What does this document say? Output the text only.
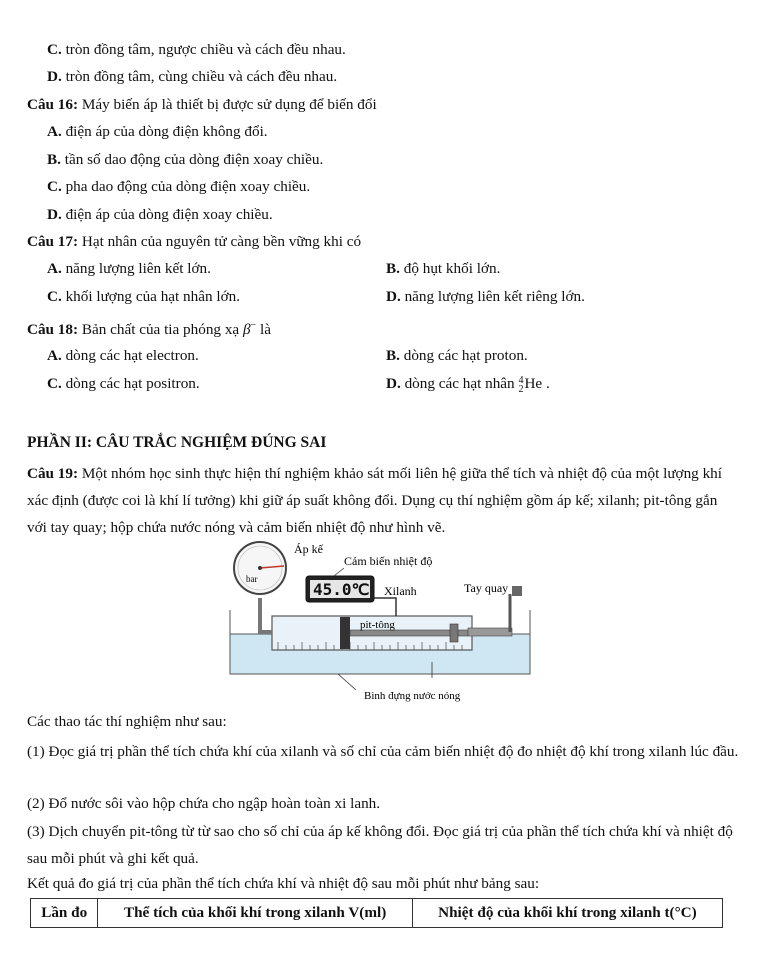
C. tròn đồng tâm, ngược chiều và cách đều nhau.
D. tròn đồng tâm, cùng chiều và cách đều nhau.
Câu 16: Máy biến áp là thiết bị được sử dụng để biến đổi
A. điện áp của dòng điện không đổi.
B. tần số dao động của dòng điện xoay chiều.
C. pha dao động của dòng điện xoay chiều.
D. điện áp của dòng điện xoay chiều.
Câu 17: Hạt nhân của nguyên tử càng bền vững khi có
A. năng lượng liên kết lớn.	B. độ hụt khối lớn.
C. khối lượng của hạt nhân lớn.	D. năng lượng liên kết riêng lớn.
Câu 18: Bản chất của tia phóng xạ β− là
A. dòng các hạt electron.	B. dòng các hạt proton.
C. dòng các hạt positron.	D. dòng các hạt nhân 4
2 He .
PHẦN II: CÂU TRẮC NGHIỆM ĐÚNG SAI
Câu 19: Một nhóm học sinh thực hiện thí nghiệm khảo sát mối liên hệ giữa thể tích và nhiệt độ của một lượng khí xác định (được coi là khí lí tưởng) khi giữ áp suất không đổi. Dụng cụ thí nghiệm gồm áp kế; xilanh; pit-tông gắn với tay quay; hộp chứa nước nóng và cảm biến nhiệt độ như hình vẽ.
bar
45.0℃
Áp kế
Cảm biến nhiệt độ
Xilanh	Tay quay
pit-tông
Bình đựng nước nóng
Các thao tác thí nghiệm như sau:
(1) Đọc giá trị phần thể tích chứa khí của xilanh và số chỉ của cảm biến nhiệt độ đo nhiệt độ khí trong xilanh lúc đầu.
(2) Đổ nước sôi vào hộp chứa cho ngập hoàn toàn xi lanh.
(3) Dịch chuyển pit-tông từ từ sao cho số chỉ của áp kế không đổi. Đọc giá trị của phần thể tích chứa khí và nhiệt độ sau mỗi phút và ghi kết quả.
Kết quả đo giá trị của phần thể tích chứa khí và nhiệt độ sau mỗi phút như bảng sau:
Lần đo	Thể tích của khối khí trong xilanh V(ml)	Nhiệt độ của khối khí trong xilanh t(°C)
